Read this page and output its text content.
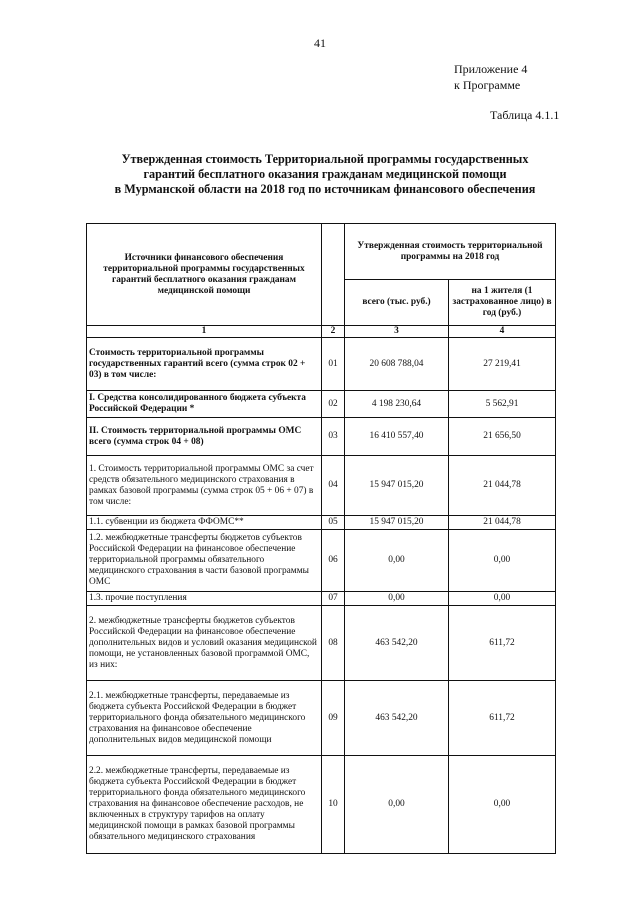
41
Приложение 4
к Программе
Таблица 4.1.1
Утвержденная стоимость Территориальной программы государственных
гарантий бесплатного оказания гражданам медицинской помощи
в Мурманской области на 2018 год по источникам финансового обеспечения
Источники финансового обеспечения территориальной программы государственных гарантий бесплатного оказания гражданам медицинской помощи		Утвержденная стоимость территориальной программы на 2018 год	
		всего (тыс. руб.)	на 1 жителя (1 застрахованное лицо) в год (руб.)
1	2	3	4
Стоимость территориальной программы государственных гарантий всего (сумма строк 02 + 03) в том числе:	01	20 608 788,04	27 219,41
I. Средства консолидированного бюджета субъекта Российской Федерации *	02	4 198 230,64	5 562,91
II. Стоимость территориальной программы ОМС всего (сумма строк 04 + 08)	03	16 410 557,40	21 656,50
1. Стоимость территориальной программы ОМС за счет средств обязательного медицинского страхования в рамках базовой программы (сумма строк 05 + 06 + 07) в том числе:	04	15 947 015,20	21 044,78
1.1. субвенции из бюджета ФФОМС**	05	15 947 015,20	21 044,78
1.2. межбюджетные трансферты бюджетов субъектов Российской Федерации на финансовое обеспечение территориальной программы обязательного медицинского страхования в части базовой программы ОМС	06	0,00	0,00
1.3. прочие поступления	07	0,00	0,00
2. межбюджетные трансферты бюджетов субъектов Российской Федерации на финансовое обеспечение дополнительных видов и условий оказания медицинской помощи, не установленных базовой программой ОМС, из них:	08	463 542,20	611,72
2.1. межбюджетные трансферты, передаваемые из бюджета субъекта Российской Федерации в бюджет территориального фонда обязательного медицинского страхования на финансовое обеспечение дополнительных видов медицинской помощи	09	463 542,20	611,72
2.2. межбюджетные трансферты, передаваемые из бюджета субъекта Российской Федерации в бюджет территориального фонда обязательного медицинского страхования на финансовое обеспечение расходов, не включенных в структуру тарифов на оплату медицинской помощи в рамках базовой программы обязательного медицинского страхования	10	0,00	0,00
